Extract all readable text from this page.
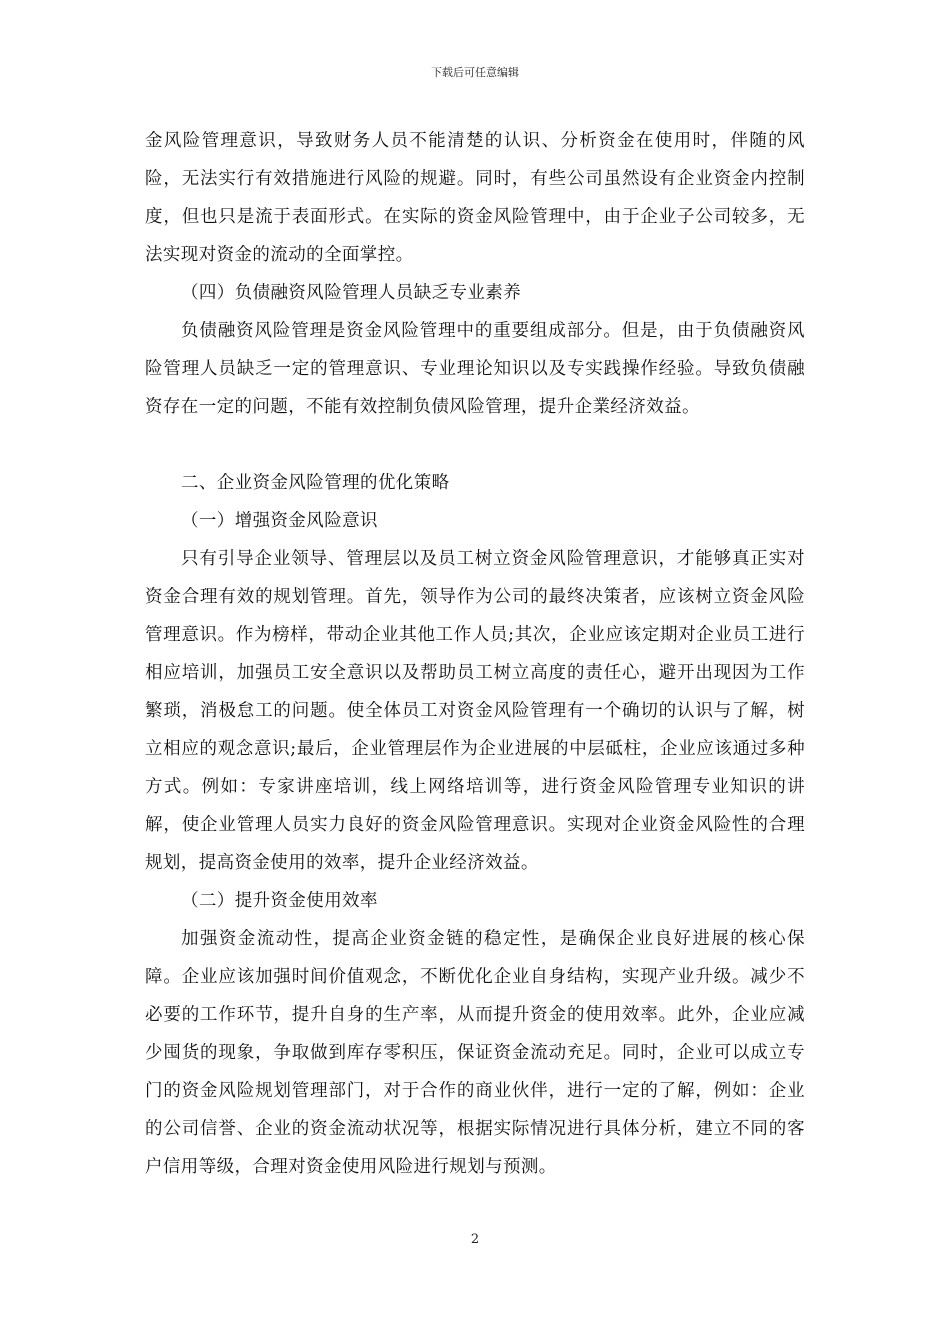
下载后可任意编辑

金风险管理意识，导致财务人员不能清楚的认识、分析资金在使用时，伴随的风险，无法实行有效措施进行风险的规避。同时，有些公司虽然设有企业资金内控制度，但也只是流于表面形式。在实际的资金风险管理中，由于企业子公司较多，无法实现对资金的流动的全面掌控。

（四）负债融资风险管理人员缺乏专业素养

负债融资风险管理是资金风险管理中的重要组成部分。但是，由于负债融资风险管理人员缺乏一定的管理意识、专业理论知识以及专实践操作经验。导致负债融资存在一定的问题，不能有效控制负债风险管理，提升企業经济效益。

二、企业资金风险管理的优化策略

（一）增强资金风险意识

只有引导企业领导、管理层以及员工树立资金风险管理意识，才能够真正实对资金合理有效的规划管理。首先，领导作为公司的最终决策者，应该树立资金风险管理意识。作为榜样，带动企业其他工作人员;其次，企业应该定期对企业员工进行相应培训，加强员工安全意识以及帮助员工树立高度的责任心，避开出现因为工作繁琐，消极怠工的问题。使全体员工对资金风险管理有一个确切的认识与了解，树立相应的观念意识;最后，企业管理层作为企业进展的中层砥柱，企业应该通过多种方式。例如：专家讲座培训，线上网络培训等，进行资金风险管理专业知识的讲解，使企业管理人员实力良好的资金风险管理意识。实现对企业资金风险性的合理规划，提高资金使用的效率，提升企业经济效益。

（二）提升资金使用效率

加强资金流动性，提高企业资金链的稳定性，是确保企业良好进展的核心保障。企业应该加强时间价值观念，不断优化企业自身结构，实现产业升级。减少不必要的工作环节，提升自身的生产率，从而提升资金的使用效率。此外，企业应减少囤货的现象，争取做到库存零积压，保证资金流动充足。同时，企业可以成立专门的资金风险规划管理部门，对于合作的商业伙伴，进行一定的了解，例如：企业的公司信誉、企业的资金流动状况等，根据实际情况进行具体分析，建立不同的客户信用等级，合理对资金使用风险进行规划与预测。

2
